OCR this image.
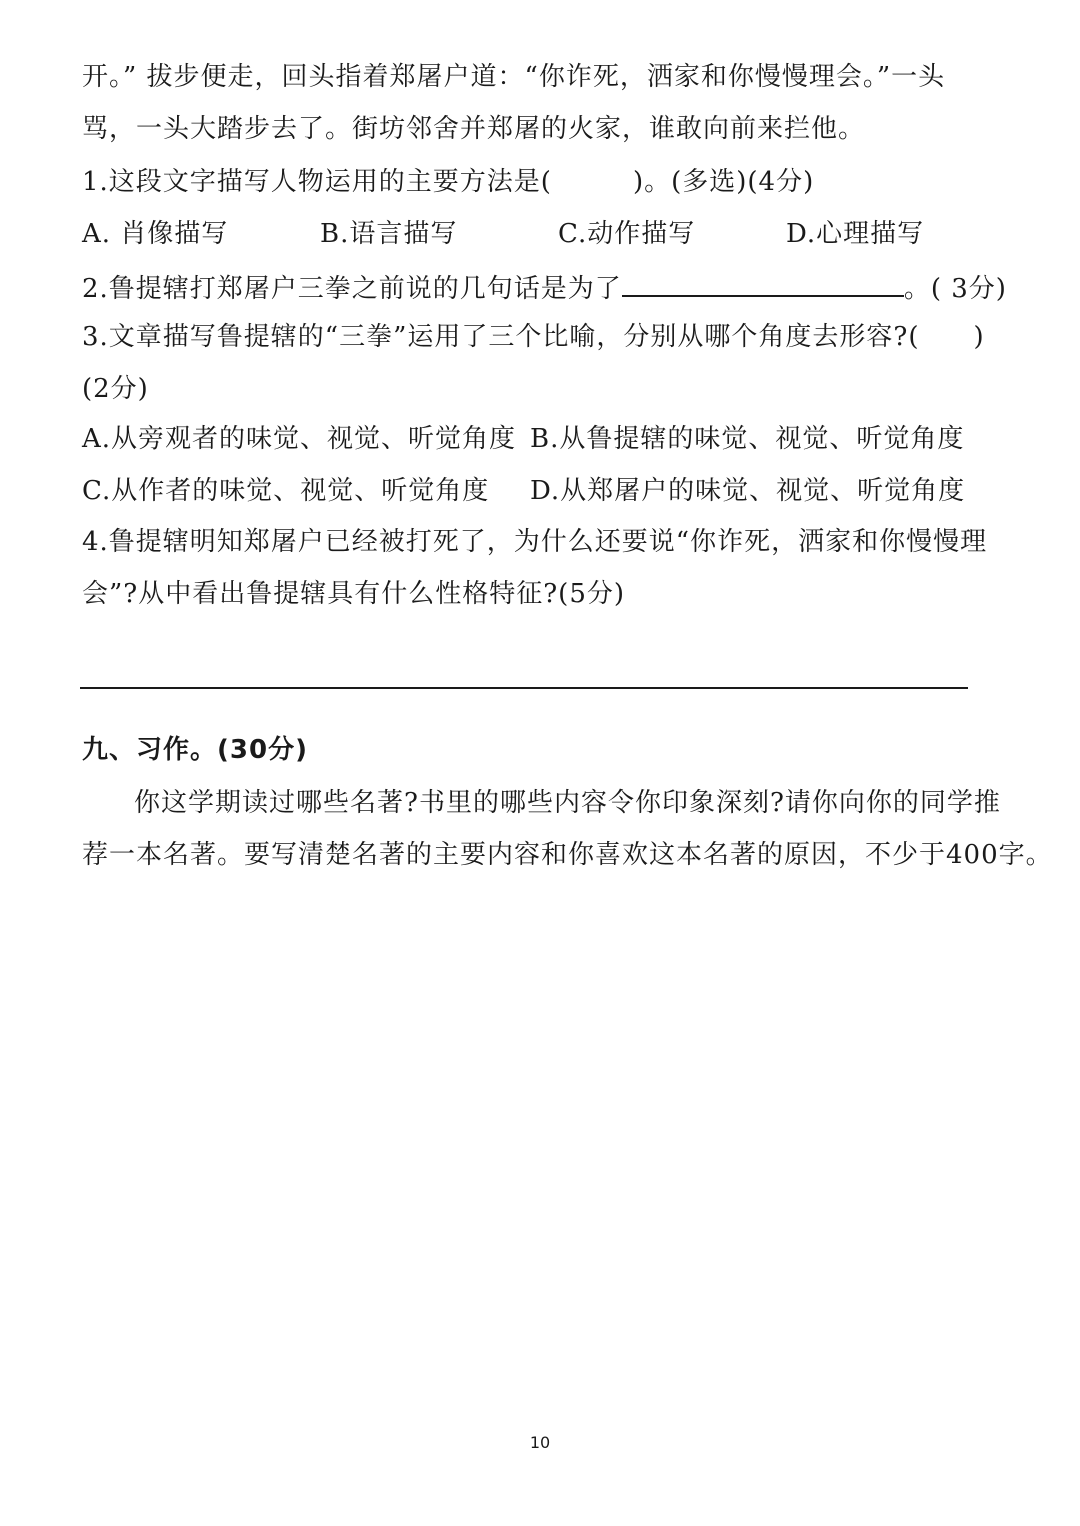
开。” 拔步便走，回头指着郑屠户道：“你诈死，洒家和你慢慢理会。”一头
骂，一头大踏步去了。街坊邻舍并郑屠的火家，谁敢向前来拦他。
1.这段文字描写人物运用的主要方法是(　　　)。(多选)(4分)
A. 肖像描写	B.语言描写	C.动作描写	D.心理描写
2.鲁提辖打郑屠户三拳之前说的几句话是为了	。( 3分)
3.文章描写鲁提辖的“三拳”运用了三个比喻，分别从哪个角度去形容?(　　)
(2分)
A.从旁观者的味觉、视觉、听觉角度 B.从鲁提辖的味觉、视觉、听觉角度
C.从作者的味觉、视觉、听觉角度 D.从郑屠户的味觉、视觉、听觉角度
4.鲁提辖明知郑屠户已经被打死了，为什么还要说“你诈死，洒家和你慢慢理
会”?从中看出鲁提辖具有什么性格特征?(5分)
九、习作。(30分)
你这学期读过哪些名著?书里的哪些内容令你印象深刻?请你向你的同学推
荐一本名著。要写清楚名著的主要内容和你喜欢这本名著的原因，不少于400字。
10
